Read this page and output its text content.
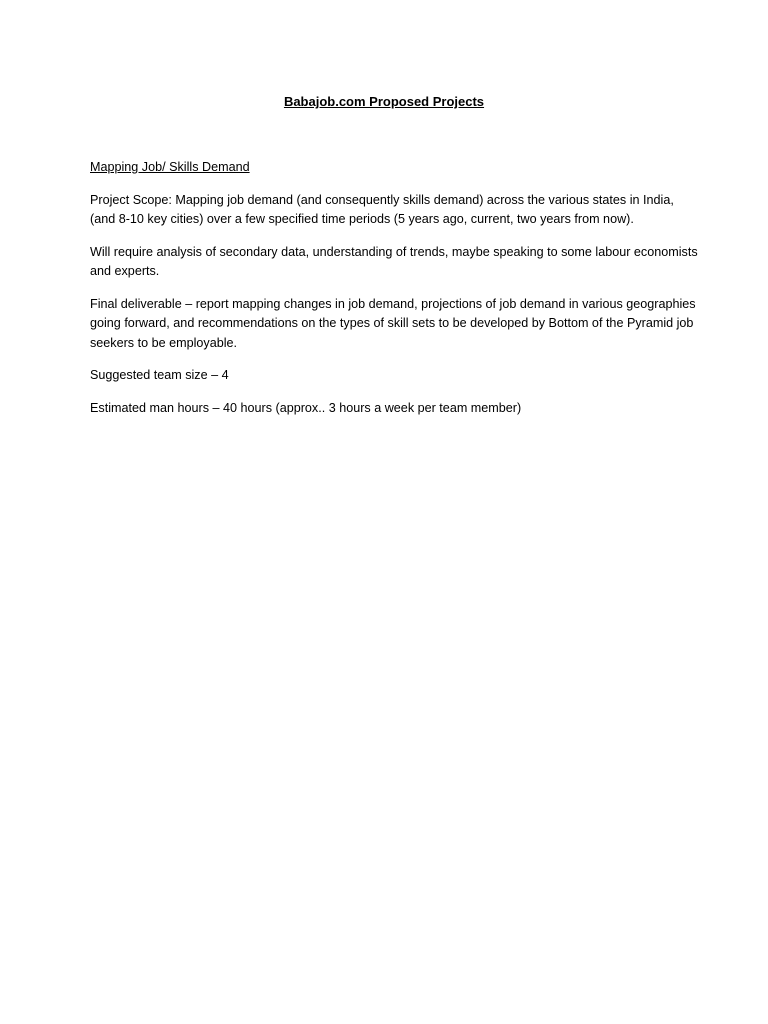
Babajob.com Proposed Projects

Mapping Job/ Skills Demand

Project Scope: Mapping job demand (and consequently skills demand) across the various states in India, (and 8-10 key cities) over a few specified time periods (5 years ago, current, two years from now).

Will require analysis of secondary data, understanding of trends, maybe speaking to some labour economists and experts.

Final deliverable – report mapping changes in job demand, projections of job demand in various geographies going forward, and recommendations on the types of skill sets to be developed by Bottom of the Pyramid job seekers to be employable.

Suggested team size – 4

Estimated man hours – 40 hours (approx.. 3 hours a week per team member)
